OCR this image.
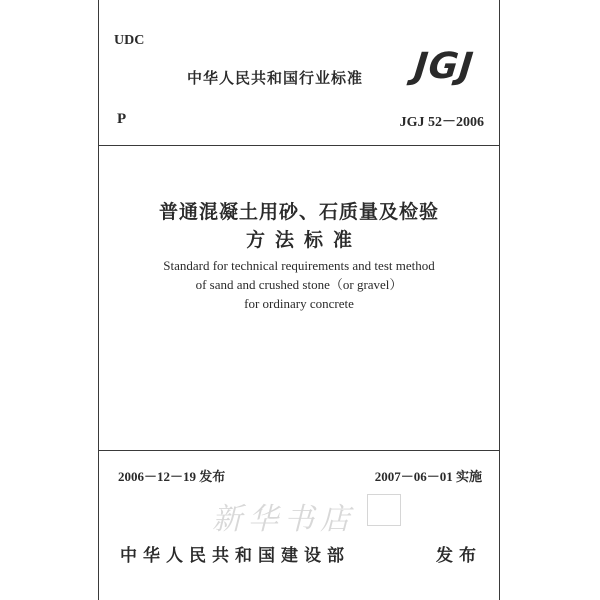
UDC
中华人民共和国行业标准 JGJ
P	JGJ 52－2006
普通混凝土用砂、石质量及检验
方法标准
Standard for technical requirements and test method
of sand and crushed stone（or gravel）
for ordinary concrete
2006－12－19 发布	2007－06－01 实施
新华书店
中华人民共和国建设部	发布
